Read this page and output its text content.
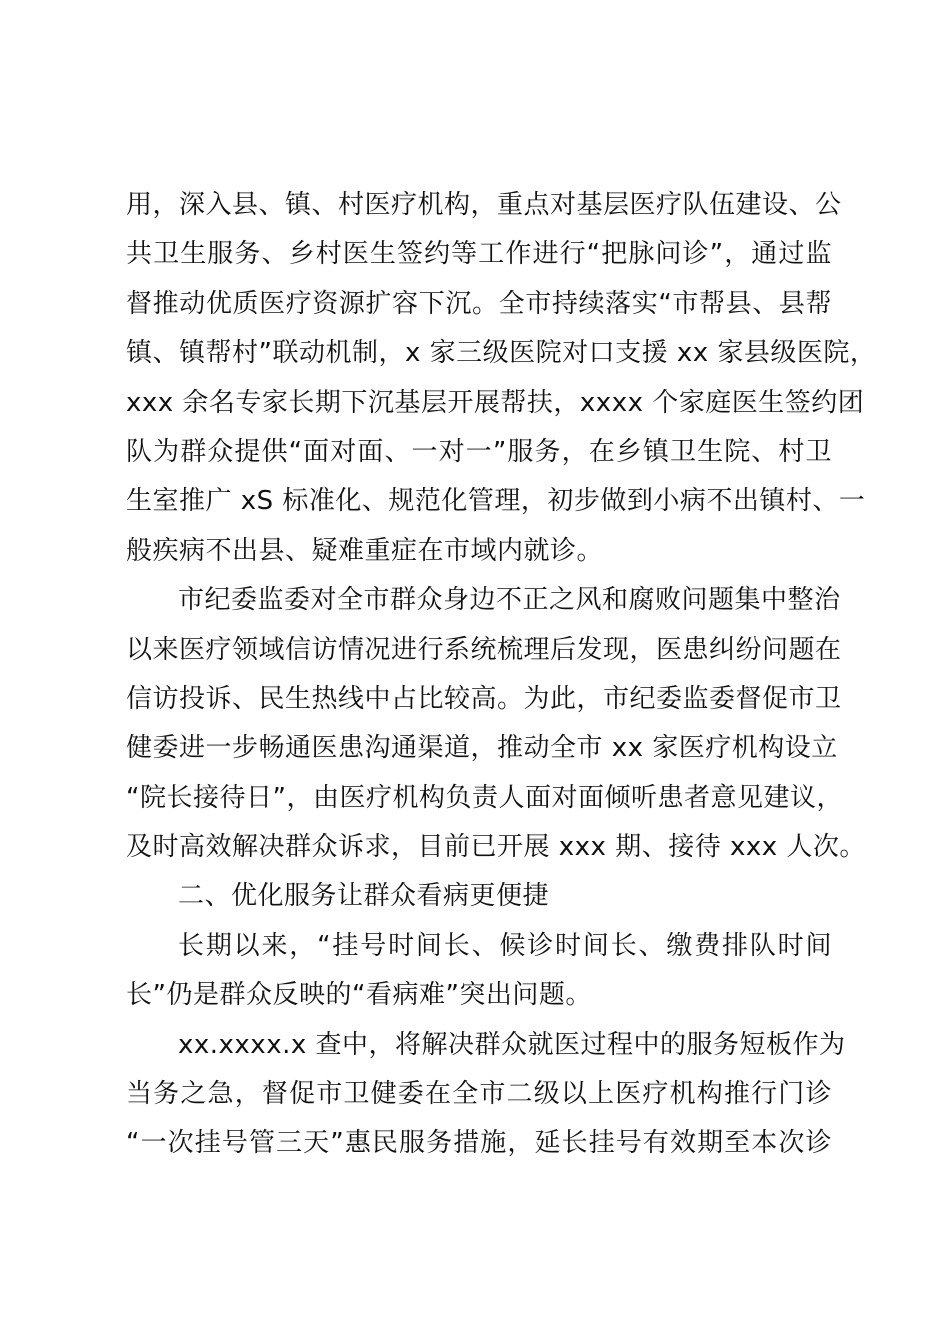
用，深入县、镇、村医疗机构，重点对基层医疗队伍建设、公
共卫生服务、乡村医生签约等工作进行“把脉问诊”，通过监
督推动优质医疗资源扩容下沉。全市持续落实“市帮县、县帮
镇、镇帮村”联动机制，x 家三级医院对口支援 xx 家县级医院，
xxx 余名专家长期下沉基层开展帮扶，xxxx 个家庭医生签约团
队为群众提供“面对面、一对一”服务，在乡镇卫生院、村卫
生室推广 xS 标准化、规范化管理，初步做到小病不出镇村、一
般疾病不出县、疑难重症在市域内就诊。
市纪委监委对全市群众身边不正之风和腐败问题集中整治
以来医疗领域信访情况进行系统梳理后发现，医患纠纷问题在
信访投诉、民生热线中占比较高。为此，市纪委监委督促市卫
健委进一步畅通医患沟通渠道，推动全市 xx 家医疗机构设立
“院长接待日”，由医疗机构负责人面对面倾听患者意见建议，
及时高效解决群众诉求，目前已开展 xxx 期、接待 xxx 人次。
二、优化服务让群众看病更便捷
长期以来，“挂号时间长、候诊时间长、缴费排队时间
长”仍是群众反映的“看病难”突出问题。
xx.xxxx.x 查中，将解决群众就医过程中的服务短板作为
当务之急，督促市卫健委在全市二级以上医疗机构推行门诊
“一次挂号管三天”惠民服务措施，延长挂号有效期至本次诊
